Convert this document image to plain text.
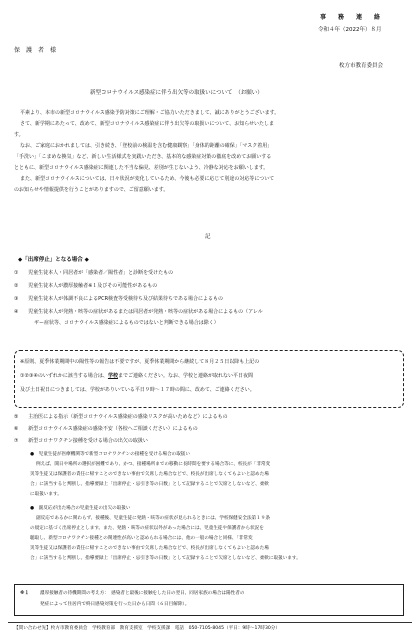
事　務　連　絡
令和４年（2022年）８月
保　護　者　様
枚方市教育委員会
新型コロナウイルス感染症に伴う出欠等の取扱いについて　（お願い）
平素より、本市の新型コロナウイルス感染予防対策にご理解・ご協力いただきまして、誠にありがとうございます。
さて、新学期にあたって、改めて、新型コロナウイルス感染症に伴う出欠等の取扱いについて、お知らせいたしま
す。
なお、ご家庭におかれましては、引き続き、「登校前の検温を含む健康観察」「身体的距離の確保」「マスク着用」
「手洗い」「こまめな換気」など、新しい生活様式を実践いただき、基本的な感染症対策の徹底を改めてお願いする
とともに、新型コロナウイルス感染症に関連した不当な偏見、差別が生じないよう、冷静な対応をお願いします。
また、新型コロナウイルスについては、日々状況が変化しているため、今後も必要に応じて別途の対応等について
のお知らせや情報提供を行うことがありますので、ご留意願います。
記
◆「出席停止」となる場合 ◆
① 児童生徒本人・同居者が「感染者／陽性者」と診断を受けたもの
② 児童生徒本人が濃厚接触者※１及びその可能性があるもの
③ 児童生徒本人が体調不良によるPCR検査等受検待ち及び結果待ちである場合によるもの
④ 児童生徒本人が発熱・咳等の症状があるまたは同居者が発熱・咳等の症状がある場合によるもの（アレル
ギー症状等、コロナウイルス感染症によるものではないと判断できる場合は除く）
※原則、夏季休業期間中の陽性等の報告は不要ですが、夏季休業期間から継続して８月２５日以降も上記の
①②③④のいずれかに該当する場合は、学校までご連絡ください。なお、学校と連絡が取れない平日夜間
及び土日祝日につきましては、学校がありいている平日９時～１７時の間に、改めて、ご連絡ください。
⑤ 主治医による指示（新型コロナウイルス感染症の感染リスクが高いためなど）によるもの
⑥ 新型コロナウイルス感染症の感染不安（各校へご相談ください）によるもの
⑦ 新型コロナワクチン接種を受ける場合の出欠の取扱い
●　児童生徒が医療機関等で新型コロナワクチンの接種を受ける場合の取扱い
例えば、開日や場所の選択が困難であり、かつ、接種場所までの移動に長時間を要する場合等に、校長が「非常変
災等生徒又は保護者の責任に帰すことのできない事由で欠席した場合などで、校長が出席しなくてもよいと認めた場
合」に該当すると判断し、指導要録上「出席停止・忌引き等の日数」として記録することで欠席としないなど、柔軟
に取扱います。
●　副反応が出た場合の児童生徒の出欠の取扱い
副反応であるかに関わらず、接種後、児童生徒に発熱・咳等の症状が見られるときには、学校保健安全法第１９条
の規定に基づく出席停止とします。また、発熱・咳等の症状以外があった場合には、児童生徒や保護者から状況を
聴取し、新型コロナワクチン接種との関連性が高いと認められる場合には、他の一般の場合と同様、「非常変
災等生徒又は保護者の責任に帰すことのできない事由で欠席した場合などで、校長が出席しなくてもよいと認めた場
合」に該当すると判断し、指導要録上「出席停止・忌引き等の日数」として記録することで欠席としないなど、柔軟に取扱います。
※１ 濃厚接触者の待機期間の考え方：　感染者と最後に接触をした日の翌日、同居家族の場合は陽性者の
発症によって住居内で終日感染対策を行った日から日間（６日目解除）。
【問い合わせ先】枚方市教育委員会　学校教育部　教育支援室　学校支援課　電話　050-7105-8045（平日：9時～17時30分）
